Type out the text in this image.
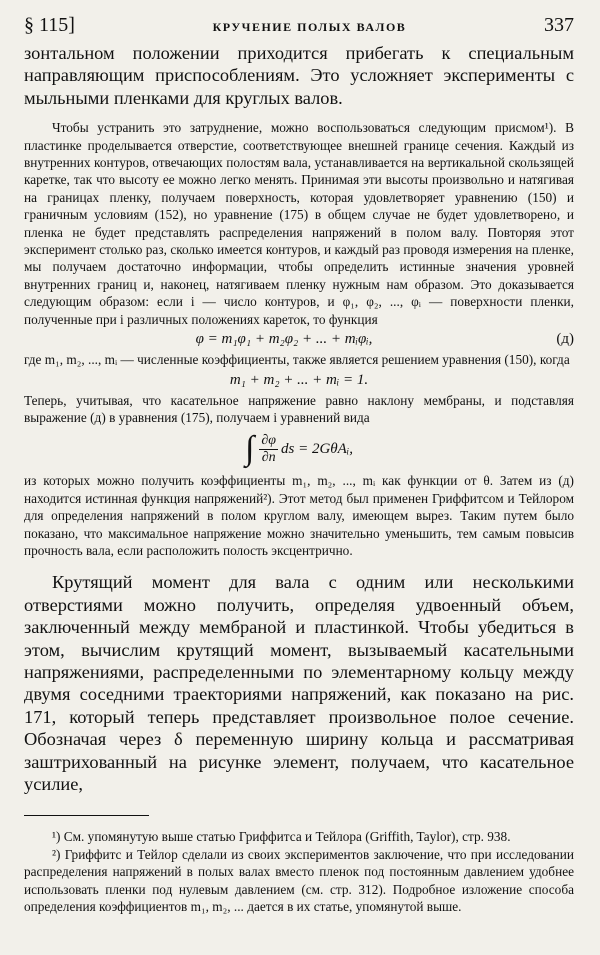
§ 115]	КРУЧЕНИЕ ПОЛЫХ ВАЛОВ	337

зонтальном положении приходится прибегать к специальным направляющим приспособлениям. Это усложняет эксперименты с мыльными пленками для круглых валов.

Чтобы устранить это затруднение, можно воспользоваться следующим присмом¹). В пластинке проделывается отверстие, соответствующее внешней границе сечения. Каждый из внутренних контуров, отвечающих полостям вала, устанавливается на вертикальной скользящей каретке, так что высоту ее можно легко менять. Принимая эти высоты произвольно и натягивая на границах пленку, получаем поверхность, которая удовлетворяет уравнению (150) и граничным условиям (152), но уравнение (175) в общем случае не будет удовлетворено, и пленка не будет представлять распределения напряжений в полом валу. Повторяя этот эксперимент столько раз, сколько имеется контуров, и каждый раз проводя измерения на пленке, мы получаем достаточно информации, чтобы определить истинные значения уровней внутренних границ и, наконец, натягиваем пленку нужным нам образом. Это доказывается следующим образом: если i — число контуров, и φ₁, φ₂, ..., φᵢ — поверхности пленки, полученные при i различных положениях кареток, то функция

φ = m₁φ₁ + m₂φ₂ + ... + mᵢφᵢ,	(д)

где m₁, m₂, ..., mᵢ — численные коэффициенты, также является решением уравнения (150), когда

m₁ + m₂ + ... + mᵢ = 1.

Теперь, учитывая, что касательное напряжение равно наклону мембраны, и подставляя выражение (д) в уравнения (175), получаем i уравнений вида

∫ $\frac{\partial\varphi}{\partial n}$ ds = 2GθAᵢ,

из которых можно получить коэффициенты m₁, m₂, ..., mᵢ как функции от θ. Затем из (д) находится истинная функция напряжений²). Этот метод был применен Гриффитсом и Тейлором для определения напряжений в полом круглом валу, имеющем вырез. Таким путем было показано, что максимальное напряжение можно значительно уменьшить, тем самым повысив прочность вала, если расположить полость эксцентрично.

Крутящий момент для вала с одним или несколькими отверстиями можно получить, определяя удвоенный объем, заключенный между мембраной и пластинкой. Чтобы убедиться в этом, вычислим крутящий момент, вызываемый касательными напряжениями, распределенными по элементарному кольцу между двумя соседними траекториями напряжений, как показано на рис. 171, который теперь представляет произвольное полое сечение. Обозначая через δ переменную ширину кольца и рассматривая заштрихованный на рисунке элемент, получаем, что касательное усилие,

¹) См. упомянутую выше статью Гриффитса и Тейлора (Griffith, Taylor), стр. 938.

²) Гриффитс и Тейлор сделали из своих экспериментов заключение, что при исследовании распределения напряжений в полых валах вместо пленок под постоянным давлением удобнее использовать пленки под нулевым давлением (см. стр. 312). Подробное изложение способа определения коэффициентов m₁, m₂, ... дается в их статье, упомянутой выше.
